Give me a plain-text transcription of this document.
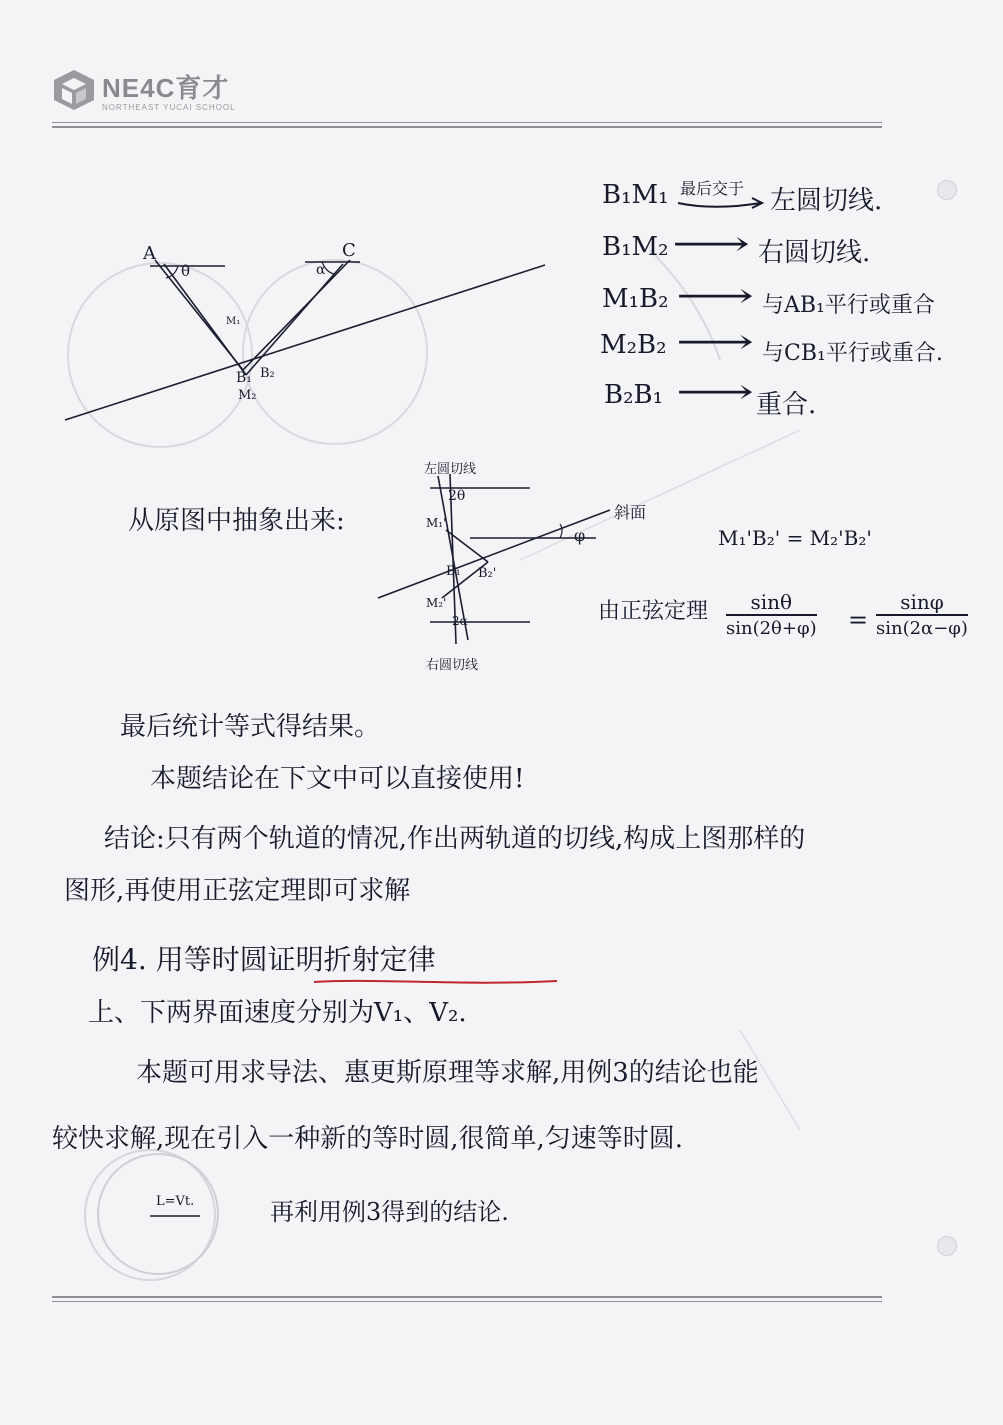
NE4C育才
NORTHEAST YUCAI SCHOOL
A
θ
C
α
M₁
B₁ B₂
M₂
B₁M₁ 最后交于 左圆切线.
B₁M₂ ⟶ 右圆切线.
M₁B₂ ⟶ 与AB₁平行或重合
M₂B₂ ⟶ 与CB₁平行或重合.
B₂B₁ ⟶ 重合.
从原图中抽象出来:
左圆切线
2θ
斜面
φ
M₁'
B₁ B₂'
M₂'
2α
右圆切线
M₁'B₂' = M₂'B₂'
由正弦定理 $\frac{\sin\theta}{\sin(2\theta+\varphi)} = \frac{\sin\varphi}{\sin(2\alpha-\varphi)}$
最后统计等式得结果。
本题结论在下文中可以直接使用!
结论:只有两个轨道的情况,作出两轨道的切线,构成上图那样的
图形,再使用正弦定理即可求解
例4. 用等时圆证明折射定律
上、下两界面速度分别为V₁、V₂.
本题可用求导法、惠更斯原理等求解,用例3的结论也能
较快求解,现在引入一种新的等时圆,很简单,匀速等时圆.
再利用例3得到的结论.
L=Vt.
